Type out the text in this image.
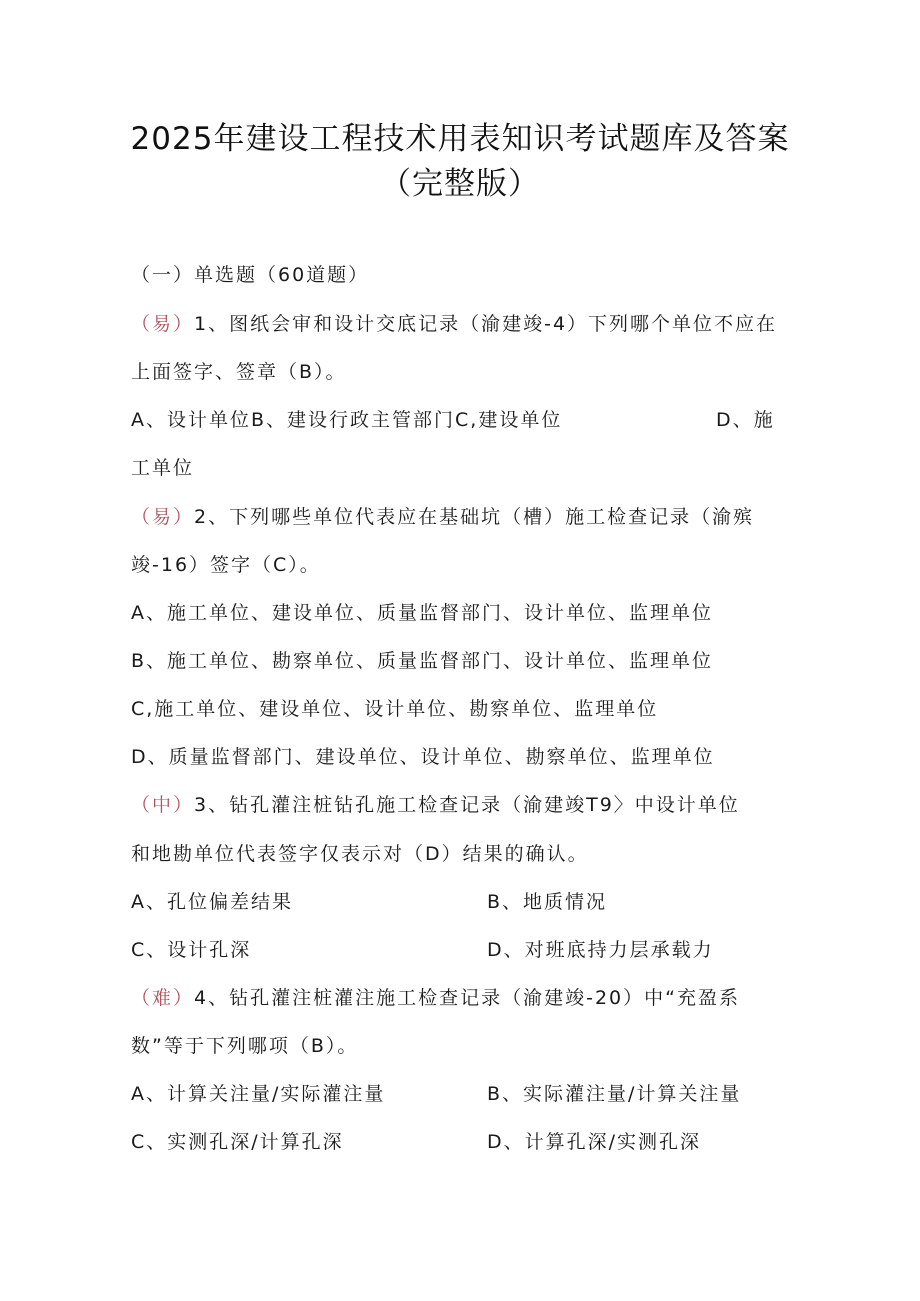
2025年建设工程技术用表知识考试题库及答案
（完整版）
（一）单选题（60道题）
（易）1、图纸会审和设计交底记录（渝建竣-4）下列哪个单位不应在
上面签字、签章（B）。
A、设计单位B、建设行政主管部门C,建设单位	D、施
工单位
（易）2、下列哪些单位代表应在基础坑（槽）施工检查记录（渝殡
竣-16）签字（C）。
A、施工单位、建设单位、质量监督部门、设计单位、监理单位
B、施工单位、勘察单位、质量监督部门、设计单位、监理单位
C,施工单位、建设单位、设计单位、勘察单位、监理单位
D、质量监督部门、建设单位、设计单位、勘察单位、监理单位
（中）3、钻孔灌注桩钻孔施工检查记录（渝建竣T9〉中设计单位
和地勘单位代表签字仅表示对（D）结果的确认。
A、孔位偏差结果	B、地质情况
C、设计孔深	D、对班底持力层承载力
（难）4、钻孔灌注桩灌注施工检查记录（渝建竣-20）中“充盈系
数”等于下列哪项（B）。
A、计算关注量/实际灌注量	B、实际灌注量/计算关注量
C、实测孔深/计算孔深	D、计算孔深/实测孔深
